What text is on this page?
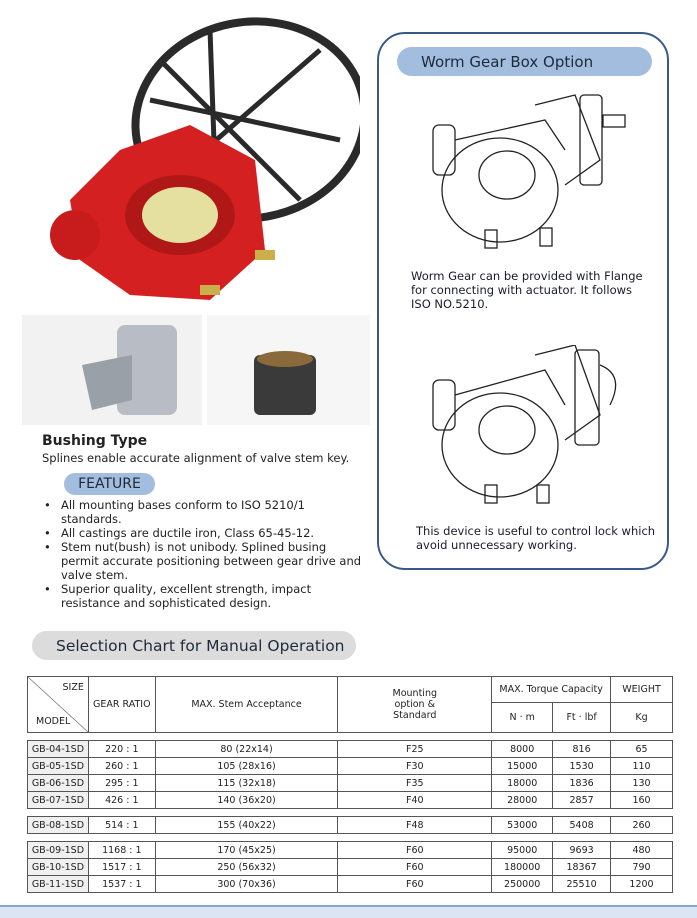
Bushing Type
Splines enable accurate alignment of valve stem key.
FEATURE
• All mounting bases conform to ISO 5210/1 standards.
• All castings are ductile iron, Class 65-45-12.
• Stem nut(bush) is not unibody. Splined busing permit accurate positioning between gear drive and valve stem.
• Superior quality, excellent strength, impact resistance and sophisticated design.
Worm Gear Box Option
Worm Gear can be provided with Flange for connecting with actuator. It follows ISO NO.5210.
This device is useful to control lock which avoid unnecessary working.
Selection Chart for Manual Operation
SIZE
MODEL	GEAR RATIO	MAX. Stem Acceptance	Mounting option & Standard	MAX. Torque Capacity		WEIGHT
				N · m	Ft · lbf	Kg

GB-04-1SD	220 : 1	80 (22x14)	F25	8000	816	65
GB-05-1SD	260 : 1	105 (28x16)	F30	15000	1530	110
GB-06-1SD	295 : 1	115 (32x18)	F35	18000	1836	130
GB-07-1SD	426 : 1	140 (36x20)	F40	28000	2857	160

GB-08-1SD	514 : 1	155 (40x22)	F48	53000	5408	260

GB-09-1SD	1168 : 1	170 (45x25)	F60	95000	9693	480
GB-10-1SD	1517 : 1	250 (56x32)	F60	180000	18367	790
GB-11-1SD	1537 : 1	300 (70x36)	F60	250000	25510	1200
